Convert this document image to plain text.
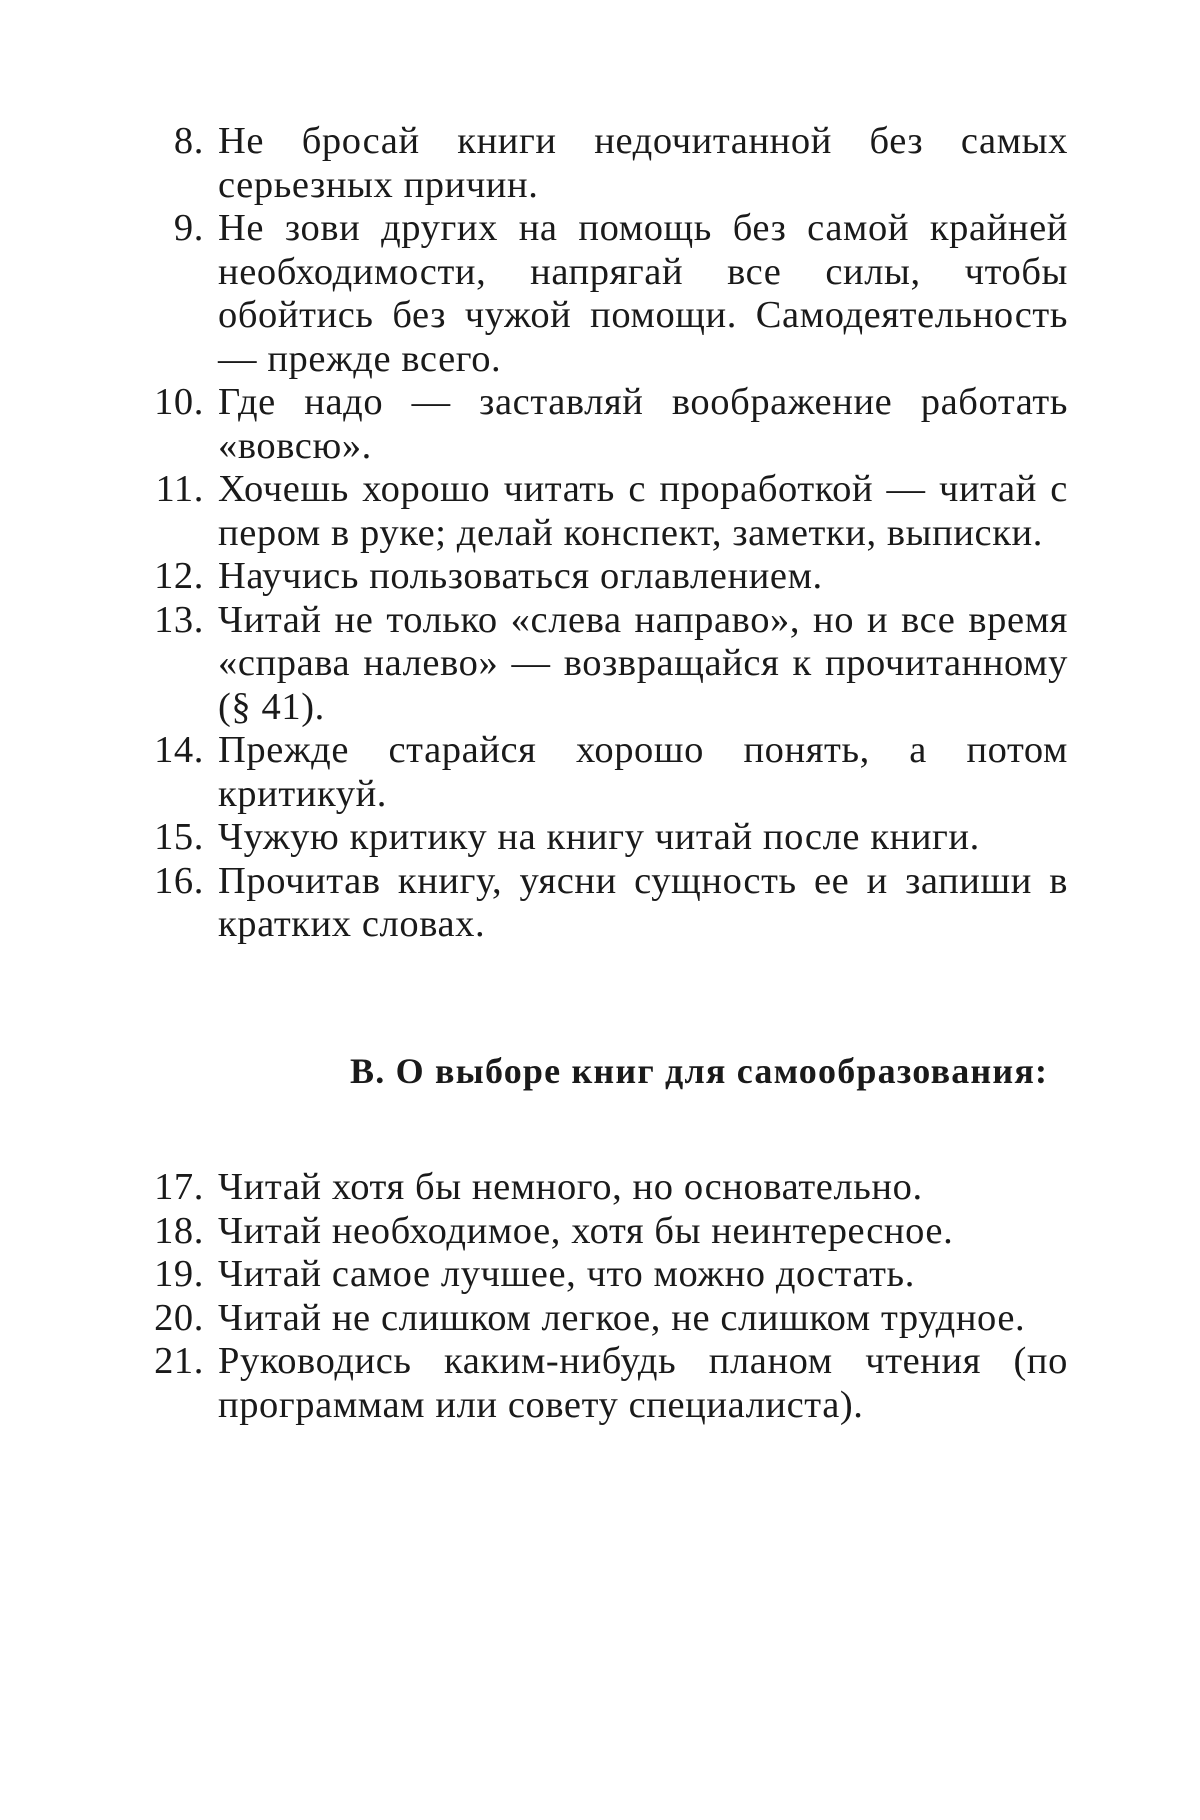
8. Не бросай книги недочитанной без самых серьезных причин.
9. Не зови других на помощь без самой крайней необходимости, напрягай все силы, чтобы обойтись без чужой помощи. Самодеятельность — прежде всего.
10. Где надо — заставляй воображение работать «вовсю».
11. Хочешь хорошо читать с проработкой — читай с пером в руке; делай конспект, заметки, выписки.
12. Научись пользоваться оглавлением.
13. Читай не только «слева направо», но и все время «справа налево» — возвращайся к прочитанному (§ 41).
14. Прежде старайся хорошо понять, а потом критикуй.
15. Чужую критику на книгу читай после книги.
16. Прочитав книгу, уясни сущность ее и запиши в кратких словах.
В. О выборе книг для самообразования:
17. Читай хотя бы немного, но основательно.
18. Читай необходимое, хотя бы неинтересное.
19. Читай самое лучшее, что можно достать.
20. Читай не слишком легкое, не слишком трудное.
21. Руководись каким-нибудь планом чтения (по программам или совету специалиста).
